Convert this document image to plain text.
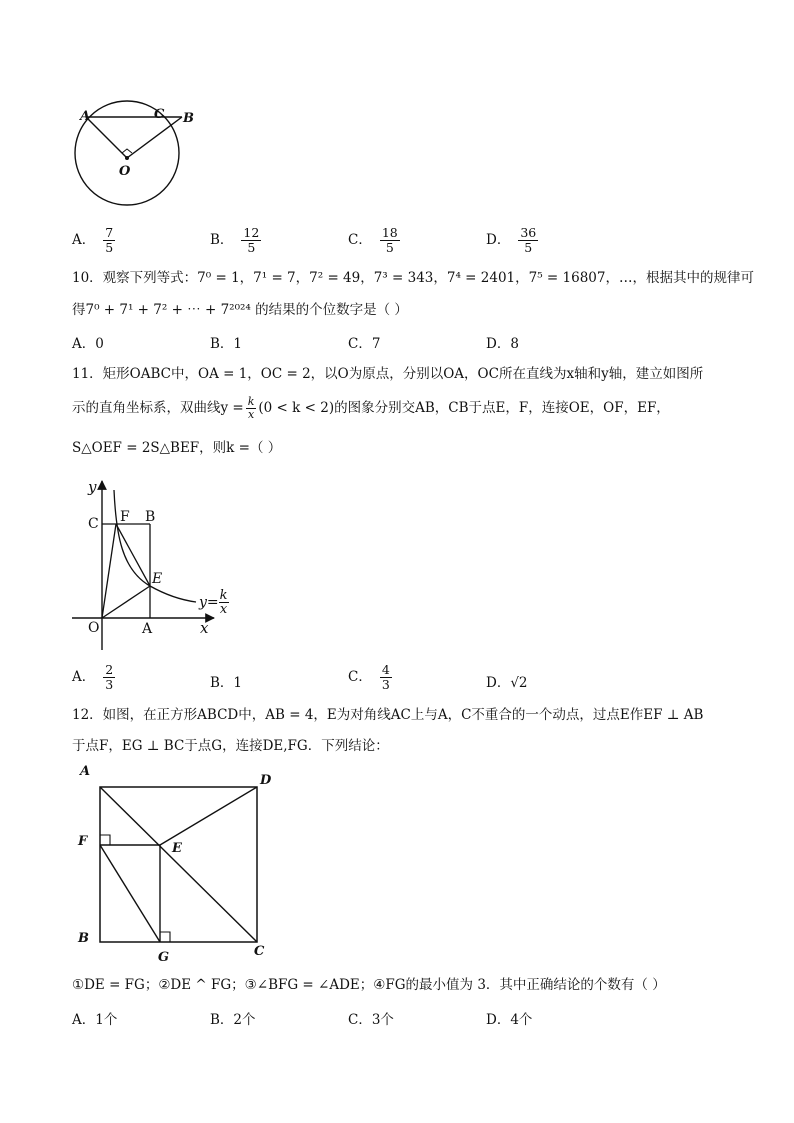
A	C B
O
A． $\frac{7}{5}$	B． $\frac{12}{5}$	C． $\frac{18}{5}$	D． $\frac{36}{5}$
10．观察下列等式：7⁰ = 1，7¹ = 7，7² = 49，7³ = 343，7⁴ = 2401，7⁵ = 16807，…，根据其中的规律可
得7⁰ + 7¹ + 7² + ⋯ + 7²⁰²⁴ 的结果的个位数字是（ ）
A．0	B．1	C．7	D．8
11．矩形OABC中，OA = 1，OC = 2，以O为原点，分别以OA，OC所在直线为x轴和y轴，建立如图所
示的直角坐标系，双曲线$y = \frac{k}{x} (0 < k < 2)$的图象分别交AB，CB于点E，F，连接OE，OF，EF，
S△OEF = 2S△BEF，则k =（ ）
y
C F B
E
O	A	x
$y= \frac{k}{x}$
A． $\frac{2}{3}$	B．1	C． $\frac{4}{3}$	D．√2
12．如图，在正方形ABCD中，AB = 4，E为对角线AC上与A，C不重合的一个动点，过点E作EF ⊥ AB
于点F，EG ⊥ BC于点G，连接DE,FG．下列结论：
A
D
F	E
B
G	C
①DE = FG；②DE ^ FG；③∠BFG = ∠ADE；④FG的最小值为 3．其中正确结论的个数有（ ）
A．1个	B．2个	C．3个	D．4个
